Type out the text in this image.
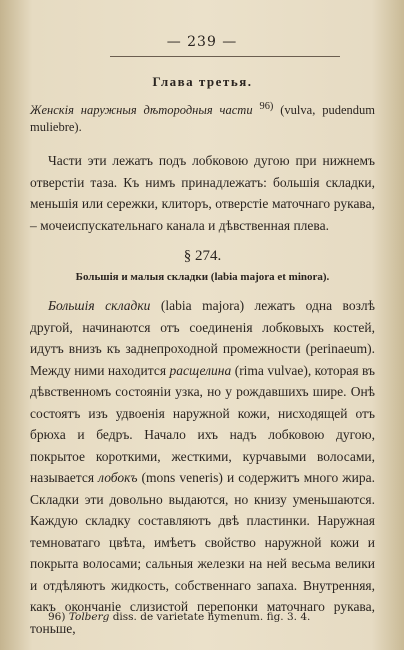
— 239 —
Глава третья.

Женскія наружныя дѣтородныя части $^{96)}$ (vulva, pudendum muliebre).

Части эти лежатъ подъ лобковою дугою при нижнемъ отверстіи таза. Къ нимъ принадлежатъ: большія складки, меньшія или сережки, клиторъ, отверстіе маточнаго рукава, – мочеиспускательнаго канала и дѣвственная плева.

§ 274.
Большія и малыя складки (labia majora et minora).

Большія складки (labia majora) лежатъ одна возлѣ другой, начинаются отъ соединенія лобковыхъ костей, идутъ внизъ къ заднепроходной промежности (perinaeum). Между ними находится расщелина (rima vulvae), которая въ дѣвственномъ состояніи узка, но у рождавшихъ шире. Онѣ состоятъ изъ удвоенія наружной кожи, нисходящей отъ брюха и бедръ. Начало ихъ надъ лобковою дугою, покрытое короткими, жесткими, курчавыми волосами, называется лобокъ (mons veneris) и содержитъ много жира. Складки эти довольно выдаются, но книзу уменьшаются. Каждую складку составляютъ двѣ пластинки. Наружная темноватаго цвѣта, имѣетъ свойство наружной кожи и покрыта волосами; сальныя железки на ней весьма велики и отдѣляютъ жидкость, собственнаго запаха. Внутренняя, какъ окончаніе слизистой перепонки маточнаго рукава, тоньше,

96) Tolberg diss. de varietate hymenum. fig. 3. 4.
